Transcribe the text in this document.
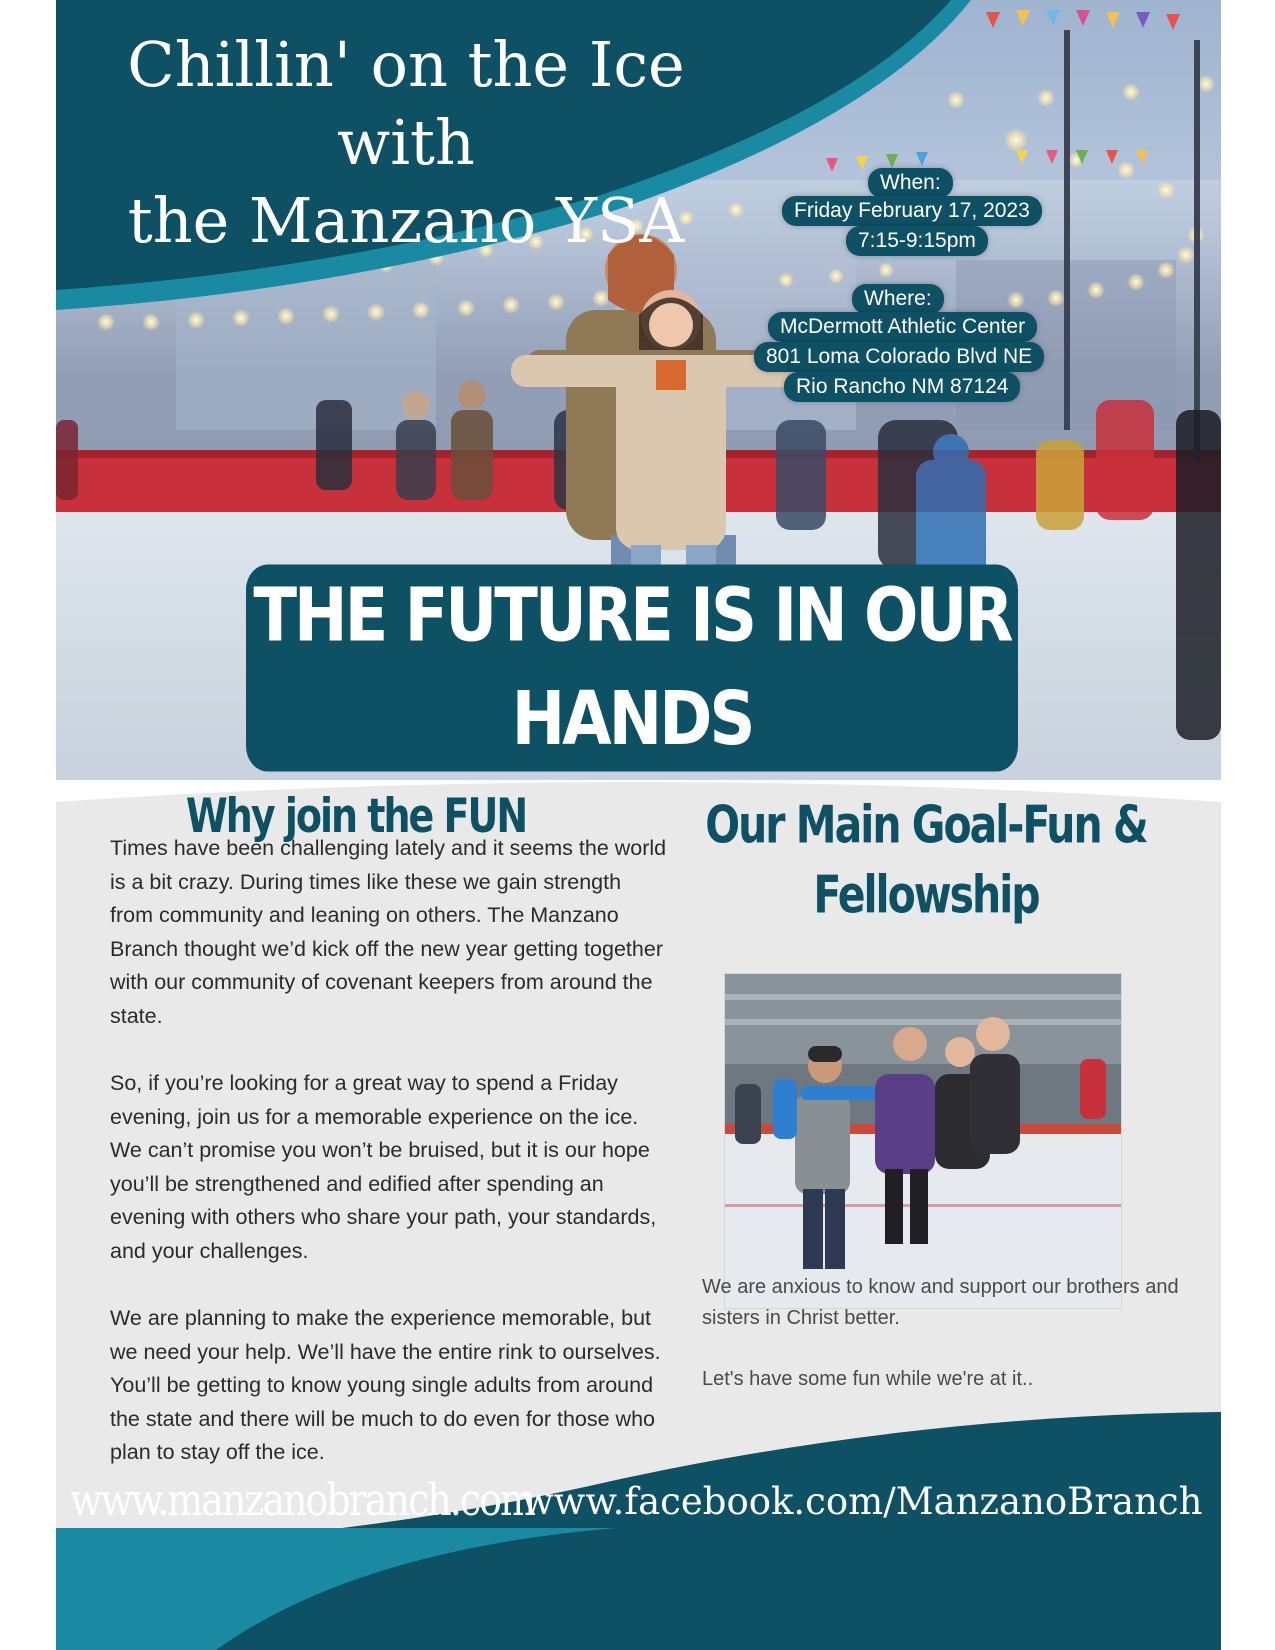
Chillin' on the Ice with
the Manzano YSA
When:
Friday February 17, 2023
7:15-9:15pm
Where:
McDermott Athletic Center
801 Loma Colorado Blvd NE
Rio Rancho NM 87124
THE FUTURE IS IN OUR HANDS
Why join the FUN

Times have been challenging lately and it seems the world is a bit crazy. During times like these we gain strength from community and leaning on others. The Manzano Branch thought we’d kick off the new year getting together with our community of covenant keepers from around the state.

So, if you’re looking for a great way to spend a Friday evening, join us for a memorable experience on the ice. We can’t promise you won’t be bruised, but it is our hope you’ll be strengthened and edified after spending an evening with others who share your path, your standards, and your challenges.

We are planning to make the experience memorable, but we need your help. We’ll have the entire rink to ourselves. You’ll be getting to know young single adults from around the state and there will be much to do even for those who plan to stay off the ice.

Our Main Goal-Fun &
Fellowship

We are anxious to know and support our brothers and sisters in Christ better.

Let's have some fun while we're at it..

www.manzanobranch.com
www.facebook.com/ManzanoBranch
